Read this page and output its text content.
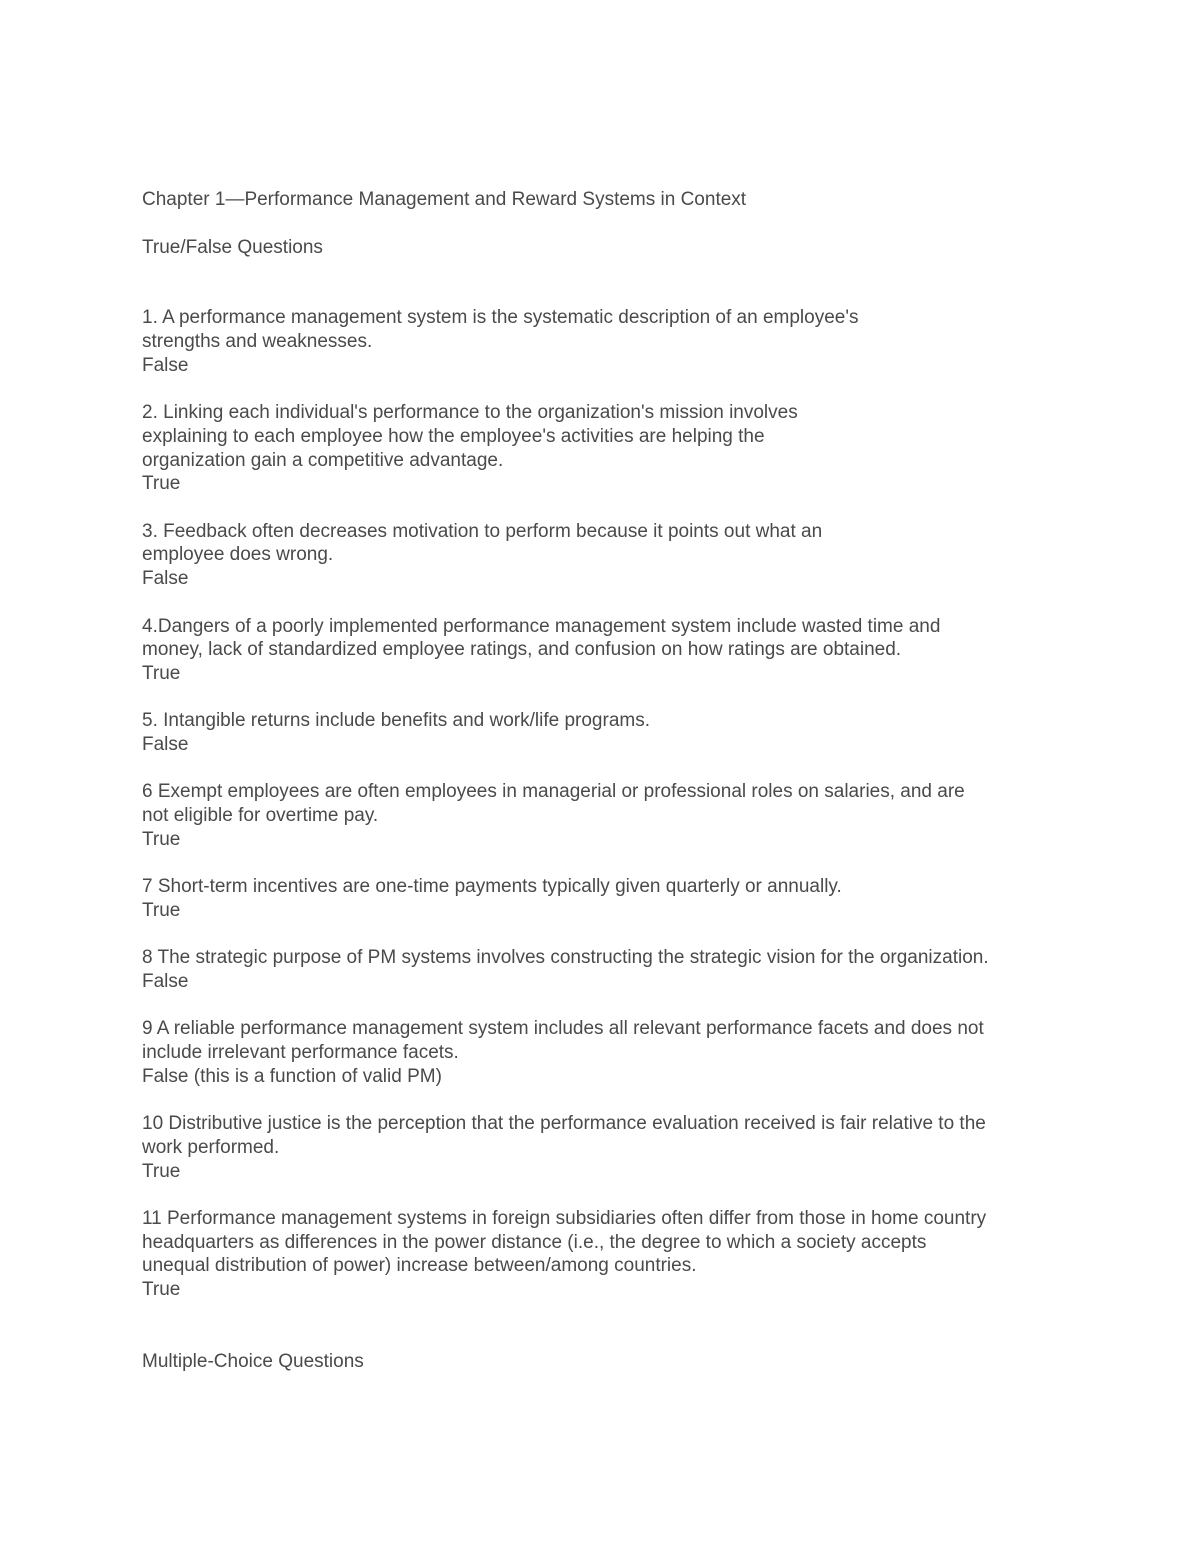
Chapter 1—Performance Management and Reward Systems in Context
True/False Questions
1. A performance management system is the systematic description of an employee's
strengths and weaknesses.
False
2. Linking each individual's performance to the organization's mission involves
explaining to each employee how the employee's activities are helping the
organization gain a competitive advantage.
True
3. Feedback often decreases motivation to perform because it points out what an
employee does wrong.
False
4.Dangers of a poorly implemented performance management system include wasted time and
money, lack of standardized employee ratings, and confusion on how ratings are obtained.
True
5. Intangible returns include benefits and work/life programs.
False
6 Exempt employees are often employees in managerial or professional roles on salaries, and are
not eligible for overtime pay.
True
7 Short-term incentives are one-time payments typically given quarterly or annually.
True
8 The strategic purpose of PM systems involves constructing the strategic vision for the organization.
False
9 A reliable performance management system includes all relevant performance facets and does not
include irrelevant performance facets.
False (this is a function of valid PM)
10 Distributive justice is the perception that the performance evaluation received is fair relative to the
work performed.
True
11 Performance management systems in foreign subsidiaries often differ from those in home country
headquarters as differences in the power distance (i.e., the degree to which a society accepts
unequal distribution of power) increase between/among countries.
True
Multiple-Choice Questions
